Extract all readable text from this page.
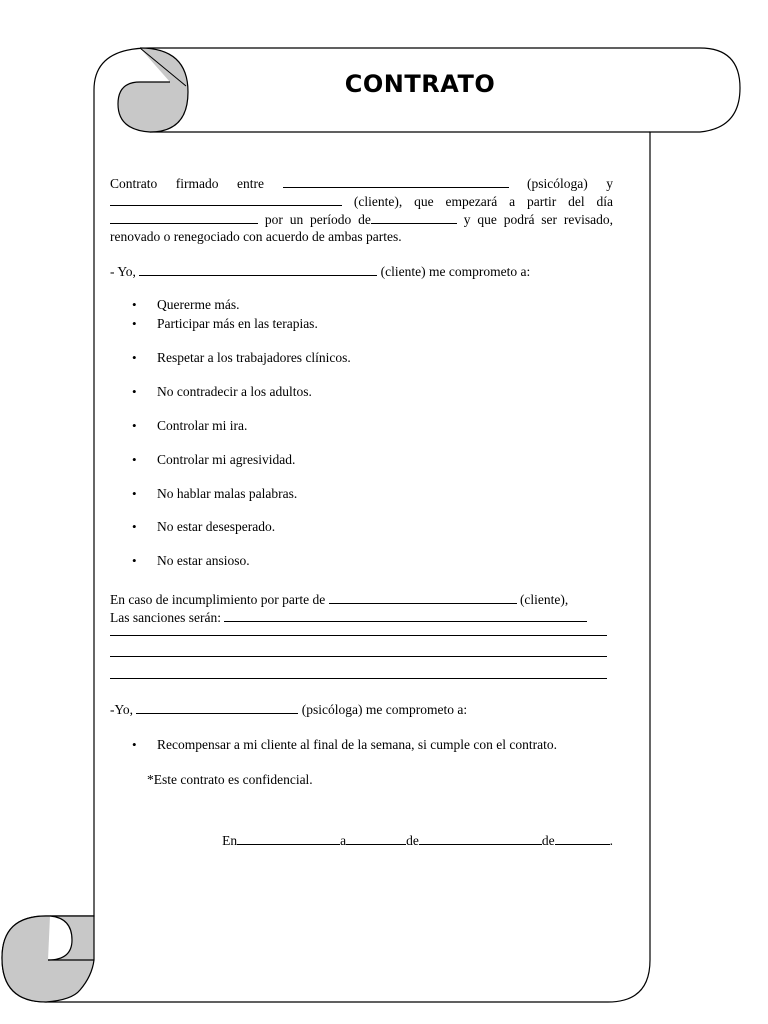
CONTRATO

Contrato firmado entre	(psicóloga) y  (cliente), que empezará a partir del día por un período de	y que podrá ser revisado, renovado o renegociado con acuerdo de ambas partes.

- Yo,	(cliente) me comprometo a:

• Quererme más.
• Participar más en las terapias.
• Respetar a los trabajadores clínicos.
• No contradecir a los adultos.
• Controlar mi ira.
• Controlar mi agresividad.
• No hablar malas palabras.
• No estar desesperado.
• No estar ansioso.

En caso de incumplimiento por parte de	(cliente),

Las sanciones serán:

-Yo,	(psicóloga) me comprometo a:

• Recompensar a mi cliente al final de la semana, si cumple con el contrato.

*Este contrato es confidencial.

En	a	de	de	.
